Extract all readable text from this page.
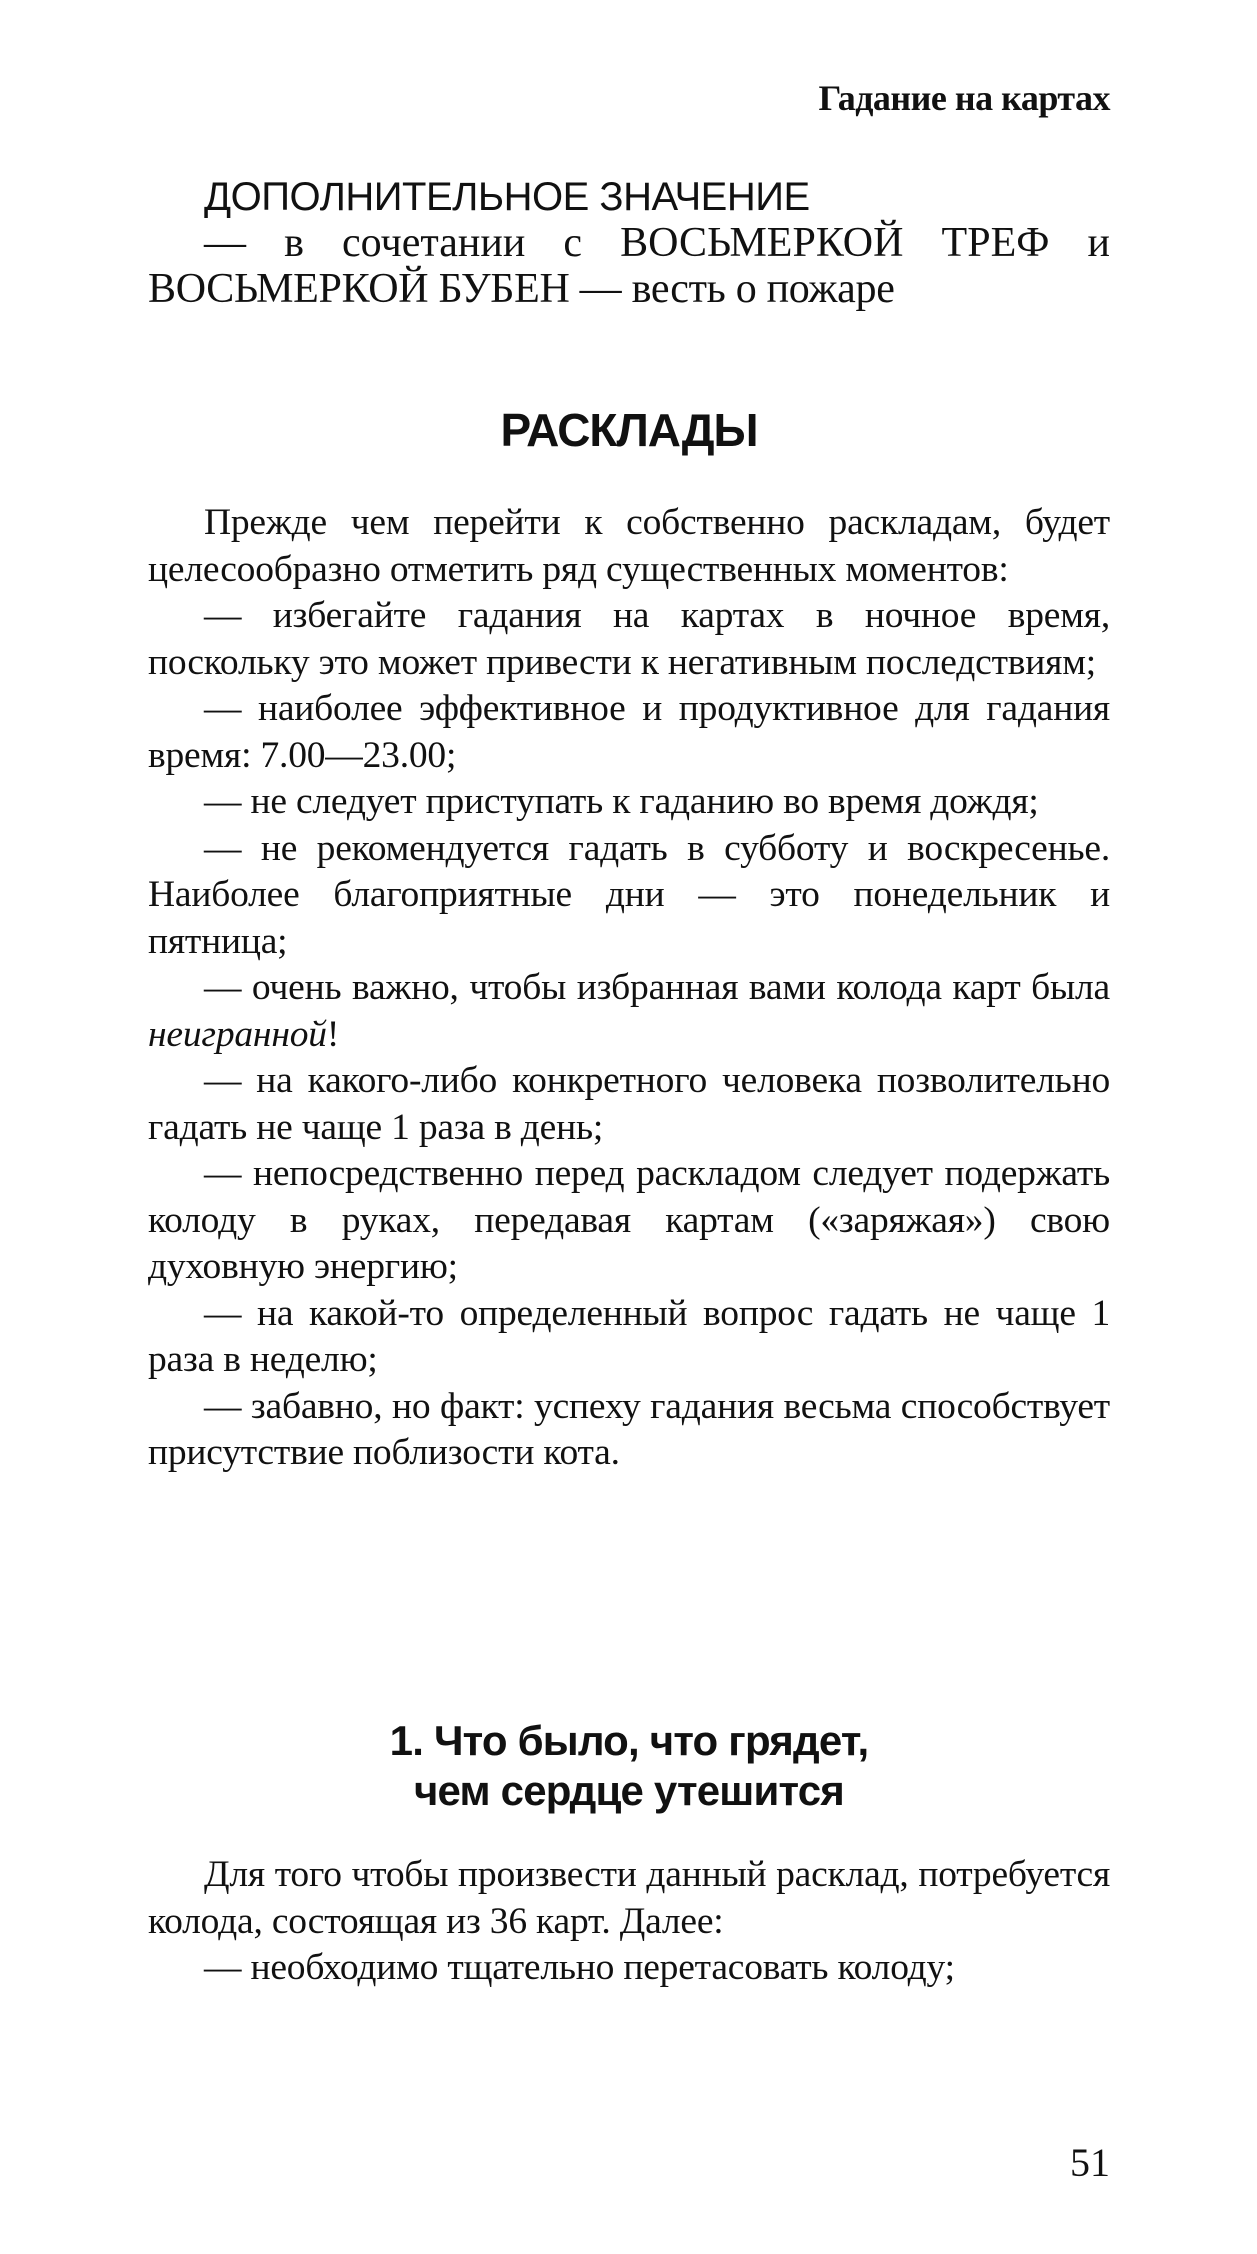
Гадание на картах
ДОПОЛНИТЕЛЬНОЕ ЗНАЧЕНИЕ
— в сочетании с ВОСЬМЕРКОЙ ТРЕФ и
ВОСЬМЕРКОЙ БУБЕН — весть о пожаре
РАСКЛАДЫ

Прежде чем перейти к собственно раскладам, будет целесообразно отметить ряд существенных моментов:

— избегайте гадания на картах в ночное время, поскольку это может привести к негативным последствиям;

— наиболее эффективное и продуктивное для гадания время: 7.00—23.00;

— не следует приступать к гаданию во время дождя;

— не рекомендуется гадать в субботу и воскресенье. Наиболее благоприятные дни — это понедельник и пятница;

— очень важно, чтобы избранная вами колода карт была неигранной!

— на какого-либо конкретного человека позволительно гадать не чаще 1 раза в день;

— непосредственно перед раскладом следует подержать колоду в руках, передавая картам («заряжая») свою духовную энергию;

— на какой-то определенный вопрос гадать не чаще 1 раза в неделю;

— забавно, но факт: успеху гадания весьма способствует присутствие поблизости кота.

1. Что было, что грядет,
чем сердце утешится

Для того чтобы произвести данный расклад, потребуется колода, состоящая из 36 карт. Далее:

— необходимо тщательно перетасовать колоду;

51
